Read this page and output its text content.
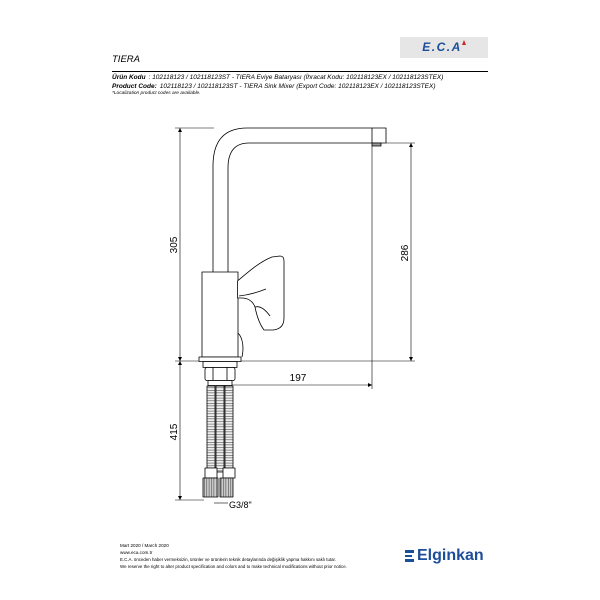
305	286
197
415
G3/8"
E.C.A
TIERA
Ürün Kodu : 102118123 / 102118123ST - TIERA Eviye Bataryası (İhracat Kodu: 102118123EX / 102118123STEX)
Product Code: 102118123 / 102118123ST - TIERA Sink Mixer (Export Code: 102118123EX / 102118123STEX)
*Localization product codes are available.
Mart 2020 / March 2020
www.eca.com.tr
E.C.A. önceden haber vermeksizin, ürünler ve ürünlerin teknik detaylarında değişiklik yapma hakkını saklı tutar.
We reserve the right to alter product specification and colors and to make technical modifications without prior notice.
Elginkan
